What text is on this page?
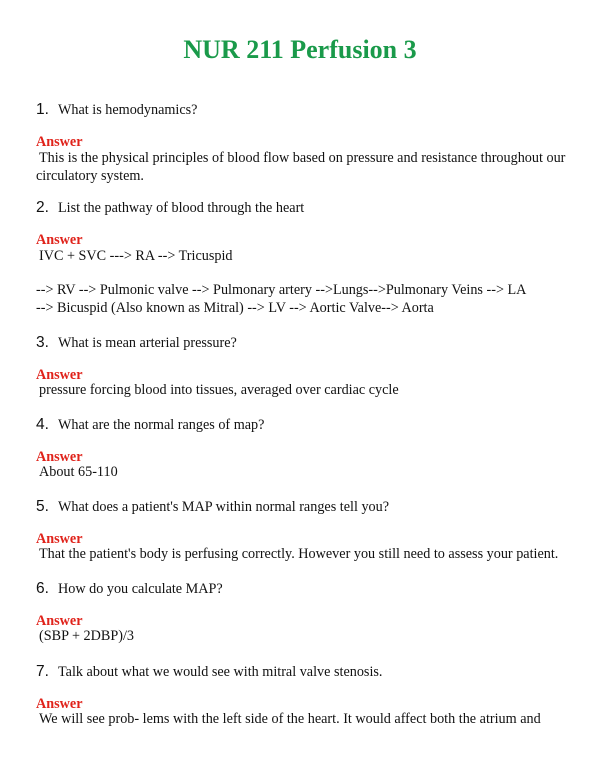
NUR 211 Perfusion 3
1. What is hemodynamics?
Answer
This is the physical principles of blood flow based on pressure and resistance throughout our
circulatory system.
2. List the pathway of blood through the heart
Answer
IVC + SVC ---> RA --> Tricuspid
--> RV --> Pulmonic valve --> Pulmonary artery -->Lungs-->Pulmonary Veins --> LA
--> Bicuspid (Also known as Mitral) --> LV --> Aortic Valve--> Aorta
3. What is mean arterial pressure?
Answer
pressure forcing blood into tissues, averaged over cardiac cycle
4. What are the normal ranges of map?
Answer
About 65-110
5. What does a patient's MAP within normal ranges tell you?
Answer
That the patient's body is perfusing correctly. However you still need to assess your patient.
6. How do you calculate MAP?
Answer
(SBP + 2DBP)/3
7. Talk about what we would see with mitral valve stenosis.
Answer
We will see prob- lems with the left side of the heart. It would affect both the atrium and
